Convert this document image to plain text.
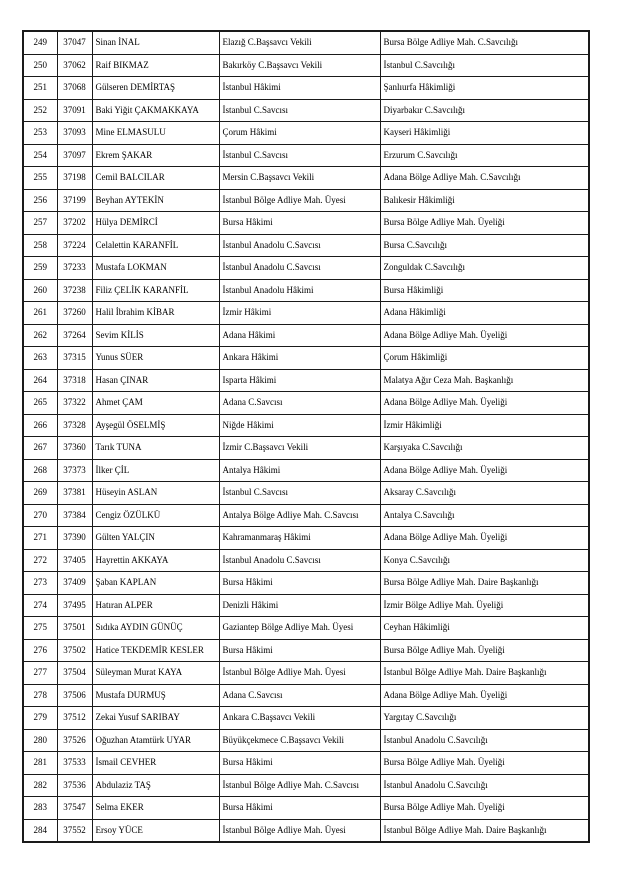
249	37047	Sinan İNAL	Elazığ C.Başsavcı Vekili	Bursa Bölge Adliye Mah. C.Savcılığı
250	37062	Raif BIKMAZ	Bakırköy C.Başsavcı Vekili	İstanbul C.Savcılığı
251	37068	Gülseren DEMİRTAŞ	İstanbul Hâkimi	Şanlıurfa Hâkimliği
252	37091	Baki Yiğit ÇAKMAKKAYA	İstanbul C.Savcısı	Diyarbakır C.Savcılığı
253	37093	Mine ELMASULU	Çorum Hâkimi	Kayseri Hâkimliği
254	37097	Ekrem ŞAKAR	İstanbul C.Savcısı	Erzurum C.Savcılığı
255	37198	Cemil BALCILAR	Mersin C.Başsavcı Vekili	Adana Bölge Adliye Mah. C.Savcılığı
256	37199	Beyhan AYTEKİN	İstanbul Bölge Adliye Mah. Üyesi	Balıkesir Hâkimliği
257	37202	Hülya DEMİRCİ	Bursa Hâkimi	Bursa Bölge Adliye Mah. Üyeliği
258	37224	Celalettin KARANFİL	İstanbul Anadolu C.Savcısı	Bursa C.Savcılığı
259	37233	Mustafa LOKMAN	İstanbul Anadolu C.Savcısı	Zonguldak C.Savcılığı
260	37238	Filiz ÇELİK KARANFİL	İstanbul Anadolu Hâkimi	Bursa Hâkimliği
261	37260	Halil İbrahim KİBAR	İzmir Hâkimi	Adana Hâkimliği
262	37264	Sevim KİLİS	Adana Hâkimi	Adana Bölge Adliye Mah. Üyeliği
263	37315	Yunus SÜER	Ankara Hâkimi	Çorum Hâkimliği
264	37318	Hasan ÇINAR	Isparta Hâkimi	Malatya Ağır Ceza Mah. Başkanlığı
265	37322	Ahmet ÇAM	Adana C.Savcısı	Adana Bölge Adliye Mah. Üyeliği
266	37328	Ayşegül ÖSELMİŞ	Niğde Hâkimi	İzmir Hâkimliği
267	37360	Tarık TUNA	İzmir C.Başsavcı Vekili	Karşıyaka C.Savcılığı
268	37373	İlker ÇİL	Antalya Hâkimi	Adana Bölge Adliye Mah. Üyeliği
269	37381	Hüseyin ASLAN	İstanbul C.Savcısı	Aksaray C.Savcılığı
270	37384	Cengiz ÖZÜLKÜ	Antalya Bölge Adliye Mah. C.Savcısı	Antalya C.Savcılığı
271	37390	Gülten YALÇIN	Kahramanmaraş Hâkimi	Adana Bölge Adliye Mah. Üyeliği
272	37405	Hayrettin AKKAYA	İstanbul Anadolu C.Savcısı	Konya C.Savcılığı
273	37409	Şaban KAPLAN	Bursa Hâkimi	Bursa Bölge Adliye Mah. Daire Başkanlığı
274	37495	Hatıran ALPER	Denizli Hâkimi	İzmir Bölge Adliye Mah. Üyeliği
275	37501	Sıdıka AYDIN GÜNÜÇ	Gaziantep Bölge Adliye Mah. Üyesi	Ceyhan Hâkimliği
276	37502	Hatice TEKDEMİR KESLER	Bursa Hâkimi	Bursa Bölge Adliye Mah. Üyeliği
277	37504	Süleyman Murat KAYA	İstanbul Bölge Adliye Mah. Üyesi	İstanbul Bölge Adliye Mah. Daire Başkanlığı
278	37506	Mustafa DURMUŞ	Adana C.Savcısı	Adana Bölge Adliye Mah. Üyeliği
279	37512	Zekai Yusuf SARIBAY	Ankara C.Başsavcı Vekili	Yargıtay C.Savcılığı
280	37526	Oğuzhan Atamtürk UYAR	Büyükçekmece C.Başsavcı Vekili	İstanbul Anadolu C.Savcılığı
281	37533	İsmail CEVHER	Bursa Hâkimi	Bursa Bölge Adliye Mah. Üyeliği
282	37536	Abdulaziz TAŞ	İstanbul Bölge Adliye Mah. C.Savcısı	İstanbul Anadolu C.Savcılığı
283	37547	Selma EKER	Bursa Hâkimi	Bursa Bölge Adliye Mah. Üyeliği
284	37552	Ersoy YÜCE	İstanbul Bölge Adliye Mah. Üyesi	İstanbul Bölge Adliye Mah. Daire Başkanlığı
